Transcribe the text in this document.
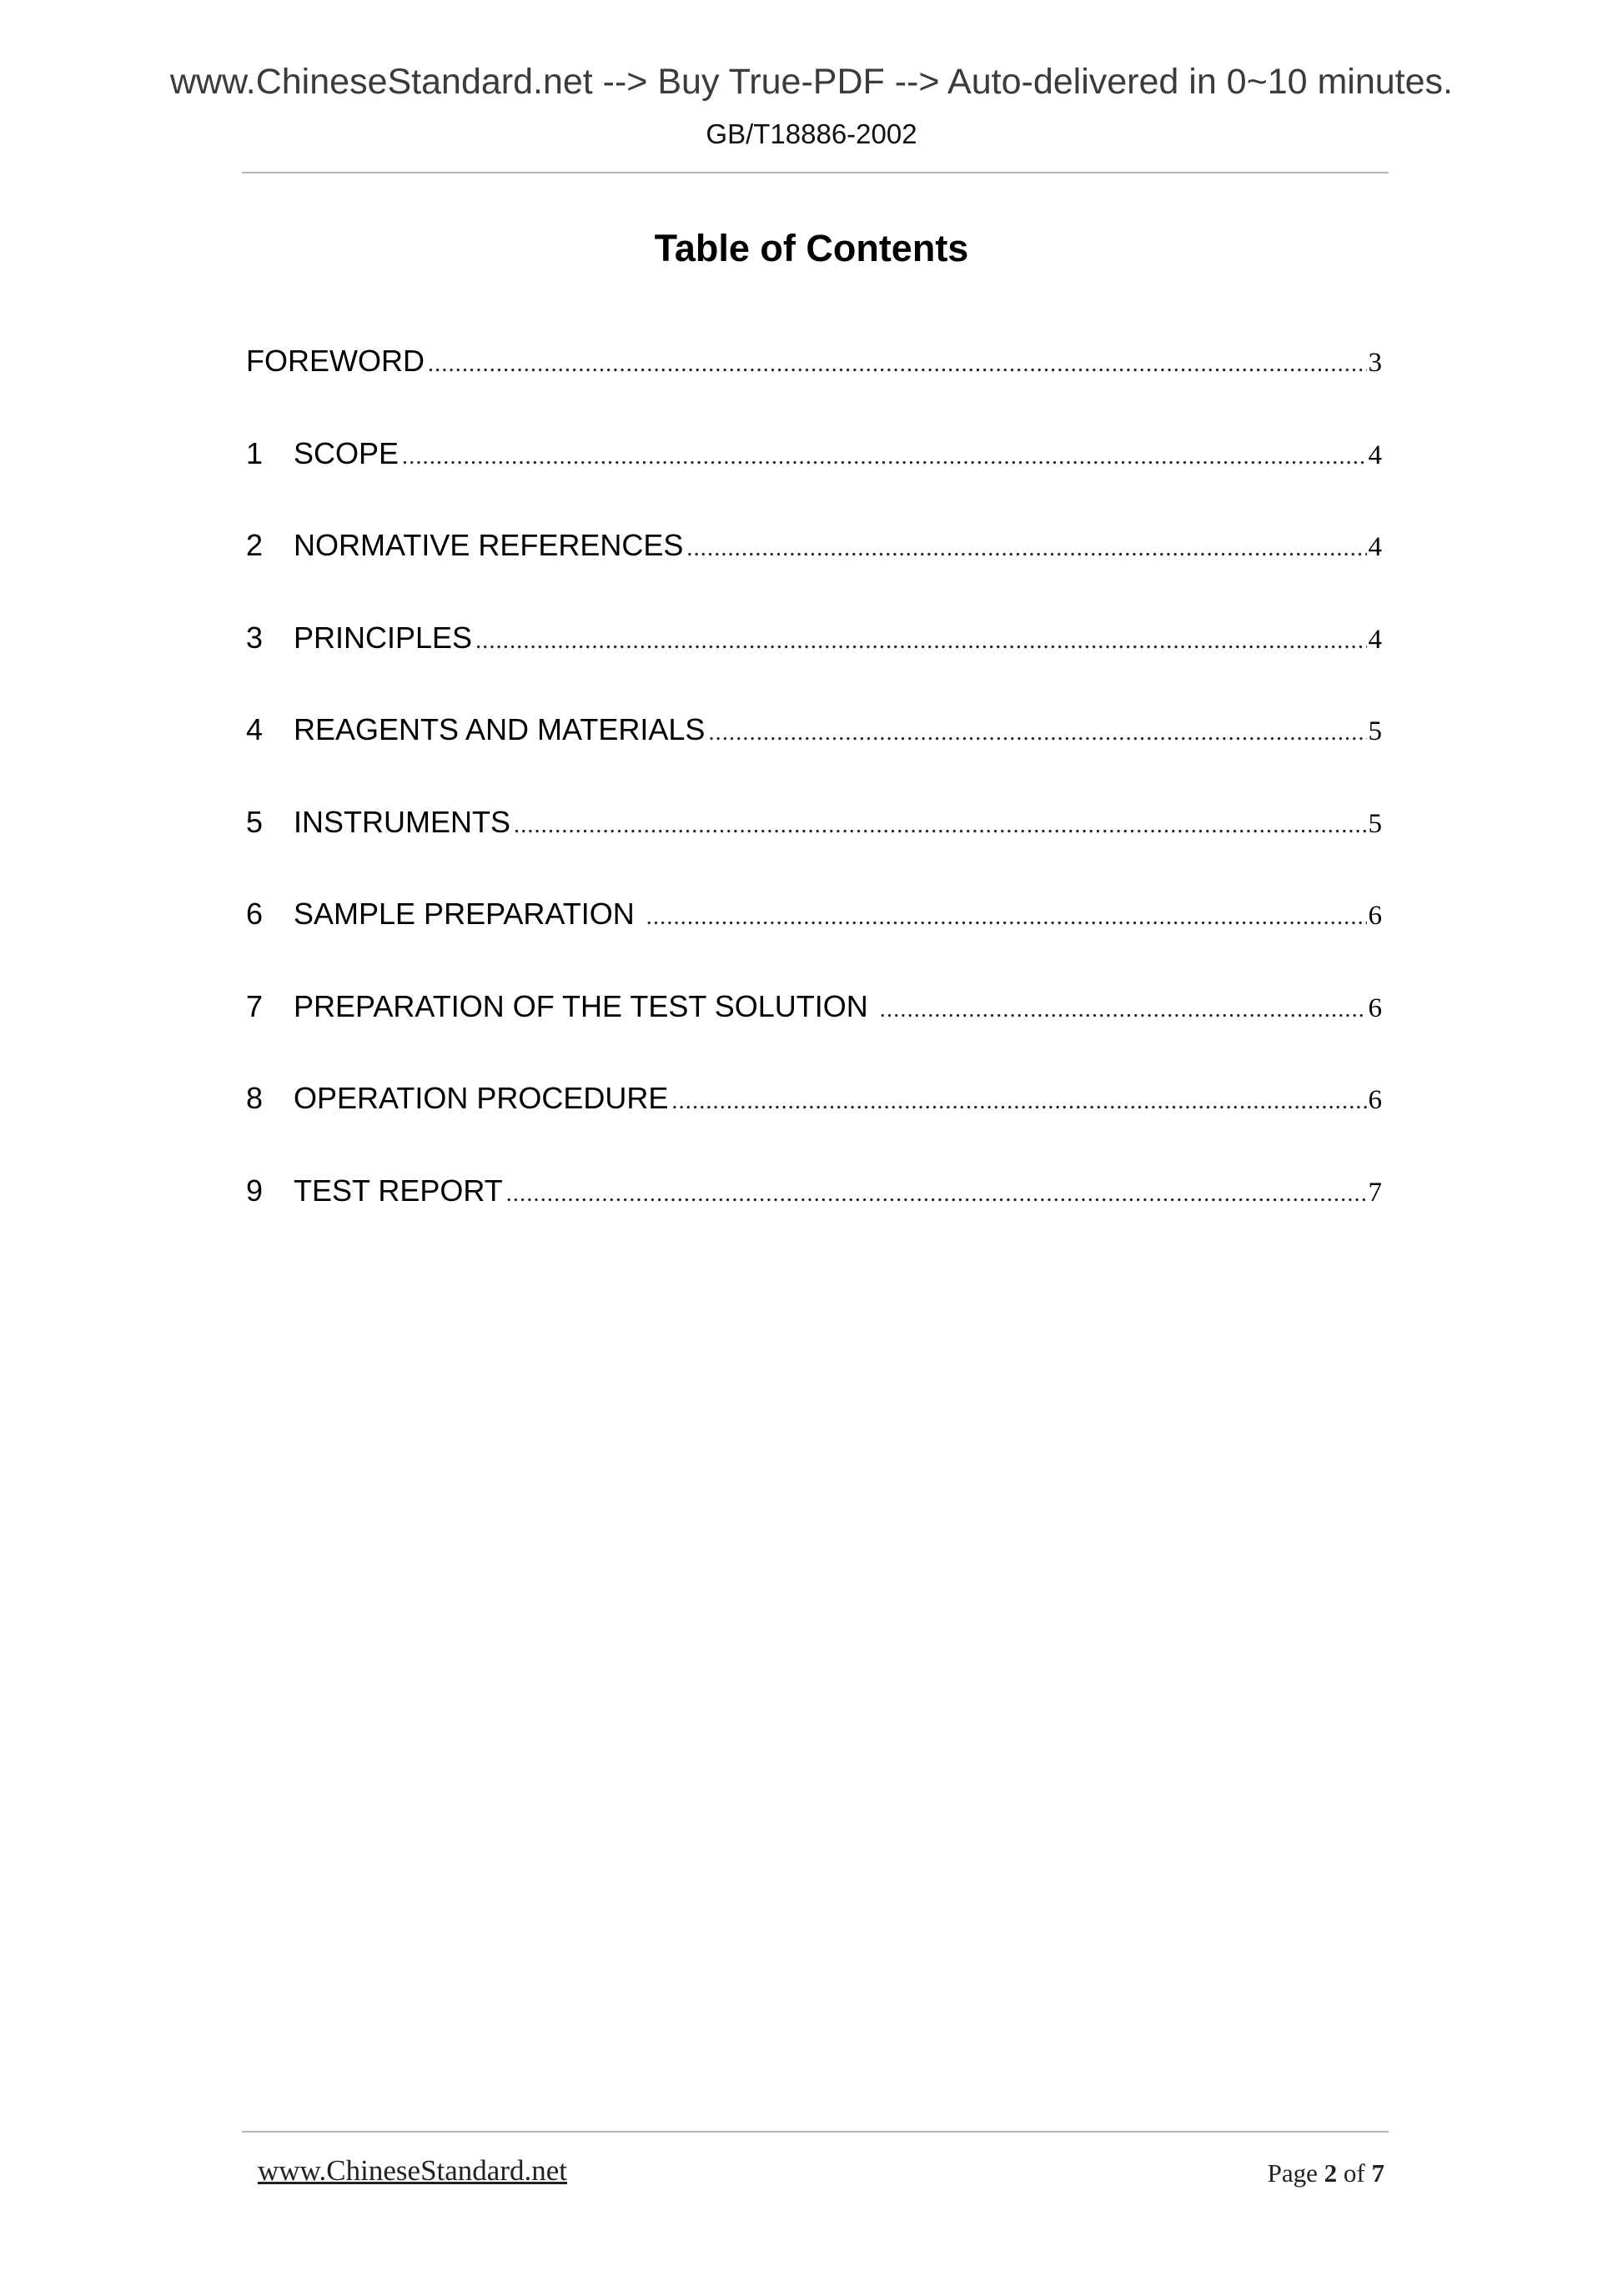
www.ChineseStandard.net --> Buy True-PDF --> Auto-delivered in 0~10 minutes.
GB/T18886-2002
Table of Contents
FOREWORD .....	3
1	SCOPE .....	4
2	NORMATIVE REFERENCES .....	4
3	PRINCIPLES .....	4
4	REAGENTS AND MATERIALS .....	5
5	INSTRUMENTS .....	5
6	SAMPLE PREPARATION .....	6
7	PREPARATION OF THE TEST SOLUTION .....	6
8	OPERATION PROCEDURE .....	6
9	TEST REPORT .....	7
www.ChineseStandard.net	Page 2 of 7
